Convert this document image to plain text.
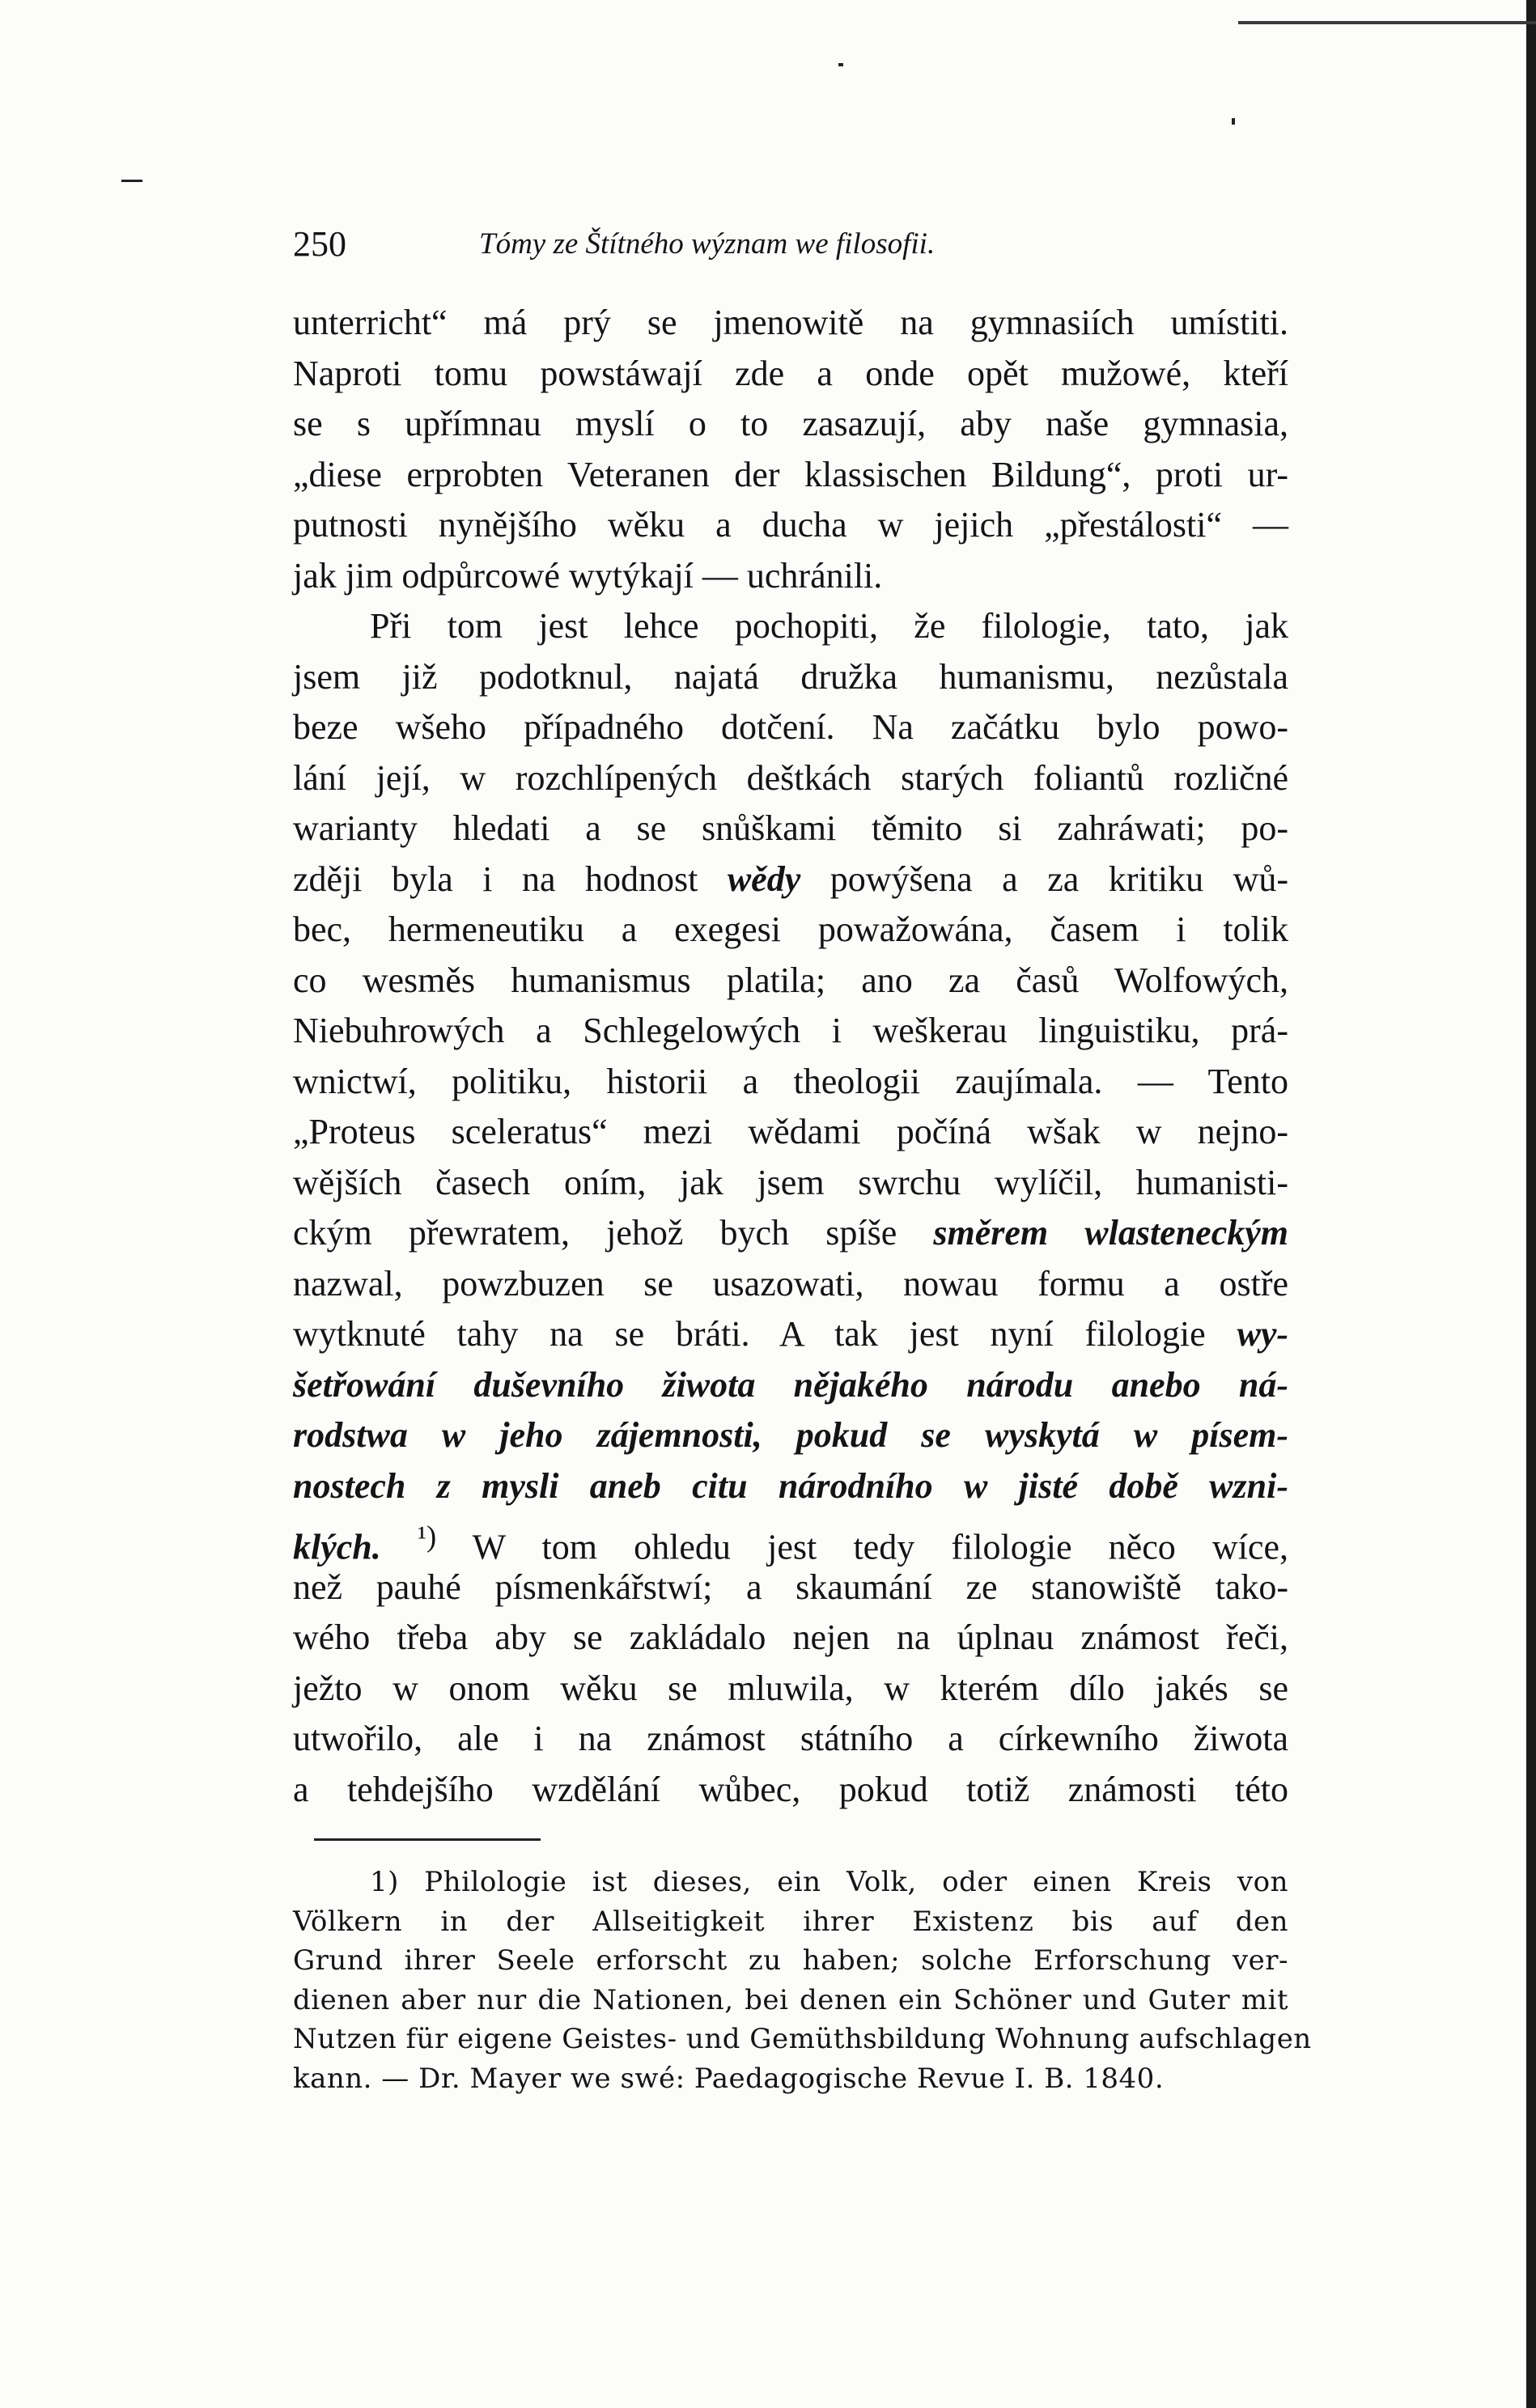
250	Tómy ze Štítného wýznam we filosofii.
unterricht“ má prý se jmenowitě na gymnasiích umístiti.
Naproti tomu powstáwají zde a onde opět mužowé, kteří
se s upřímnau myslí o to zasazují, aby naše gymnasia,
„diese erprobten Veteranen der klassischen Bildung“, proti ur-
putnosti nynějšího wěku a ducha w jejich „přestálosti“ —
jak jim odpůrcowé wytýkají — uchránili.
Při tom jest lehce pochopiti, že filologie, tato, jak
jsem již podotknul, najatá družka humanismu, nezůstala
beze wšeho případného dotčení. Na začátku bylo powo-
lání její, w rozchlípených deštkách starých foliantů rozličné
warianty hledati a se snůškami těmito si zahráwati; po-
zději byla i na hodnost wědy powýšena a za kritiku wů-
bec, hermeneutiku a exegesi powažowána, časem i tolik
co wesměs humanismus platila; ano za časů Wolfowých,
Niebuhrowých a Schlegelowých i weškerau linguistiku, prá-
wnictwí, politiku, historii a theologii zaujímala. — Tento
„Proteus sceleratus“ mezi wědami počíná wšak w nejno-
wějších časech oním, jak jsem swrchu wylíčil, humanisti-
ckým přewratem, jehož bych spíše směrem wlasteneckým
nazwal, powzbuzen se usazowati, nowau formu a ostře
wytknuté tahy na se bráti. A tak jest nyní filologie wy-
šetřowání duševního žiwota nějakého národu anebo ná-
rodstwa w jeho zájemnosti, pokud se wyskytá w písem-
nostech z mysli aneb citu národního w jisté době wzni-
klých. $^{^1)}$ W tom ohledu jest tedy filologie něco wíce,
než pauhé písmenkářstwí; a skaumání ze stanowiště tako-
wého třeba aby se zakládalo nejen na úplnau známost řeči,
ježto w onom wěku se mluwila, w kterém dílo jakés se
utwořilo, ale i na známost státního a církewního žiwota
a tehdejšího wzdělání wůbec, pokud totiž známosti této
1) Philologie ist dieses, ein Volk, oder einen Kreis von
Völkern in der Allseitigkeit ihrer Existenz bis auf den
Grund ihrer Seele erforscht zu haben; solche Erforschung ver-
dienen aber nur die Nationen, bei denen ein Schöner und Guter mit
Nutzen für eigene Geistes- und Gemüthsbildung Wohnung aufschlagen
kann. — Dr. Mayer we swé: Paedagogische Revue I. B. 1840.
